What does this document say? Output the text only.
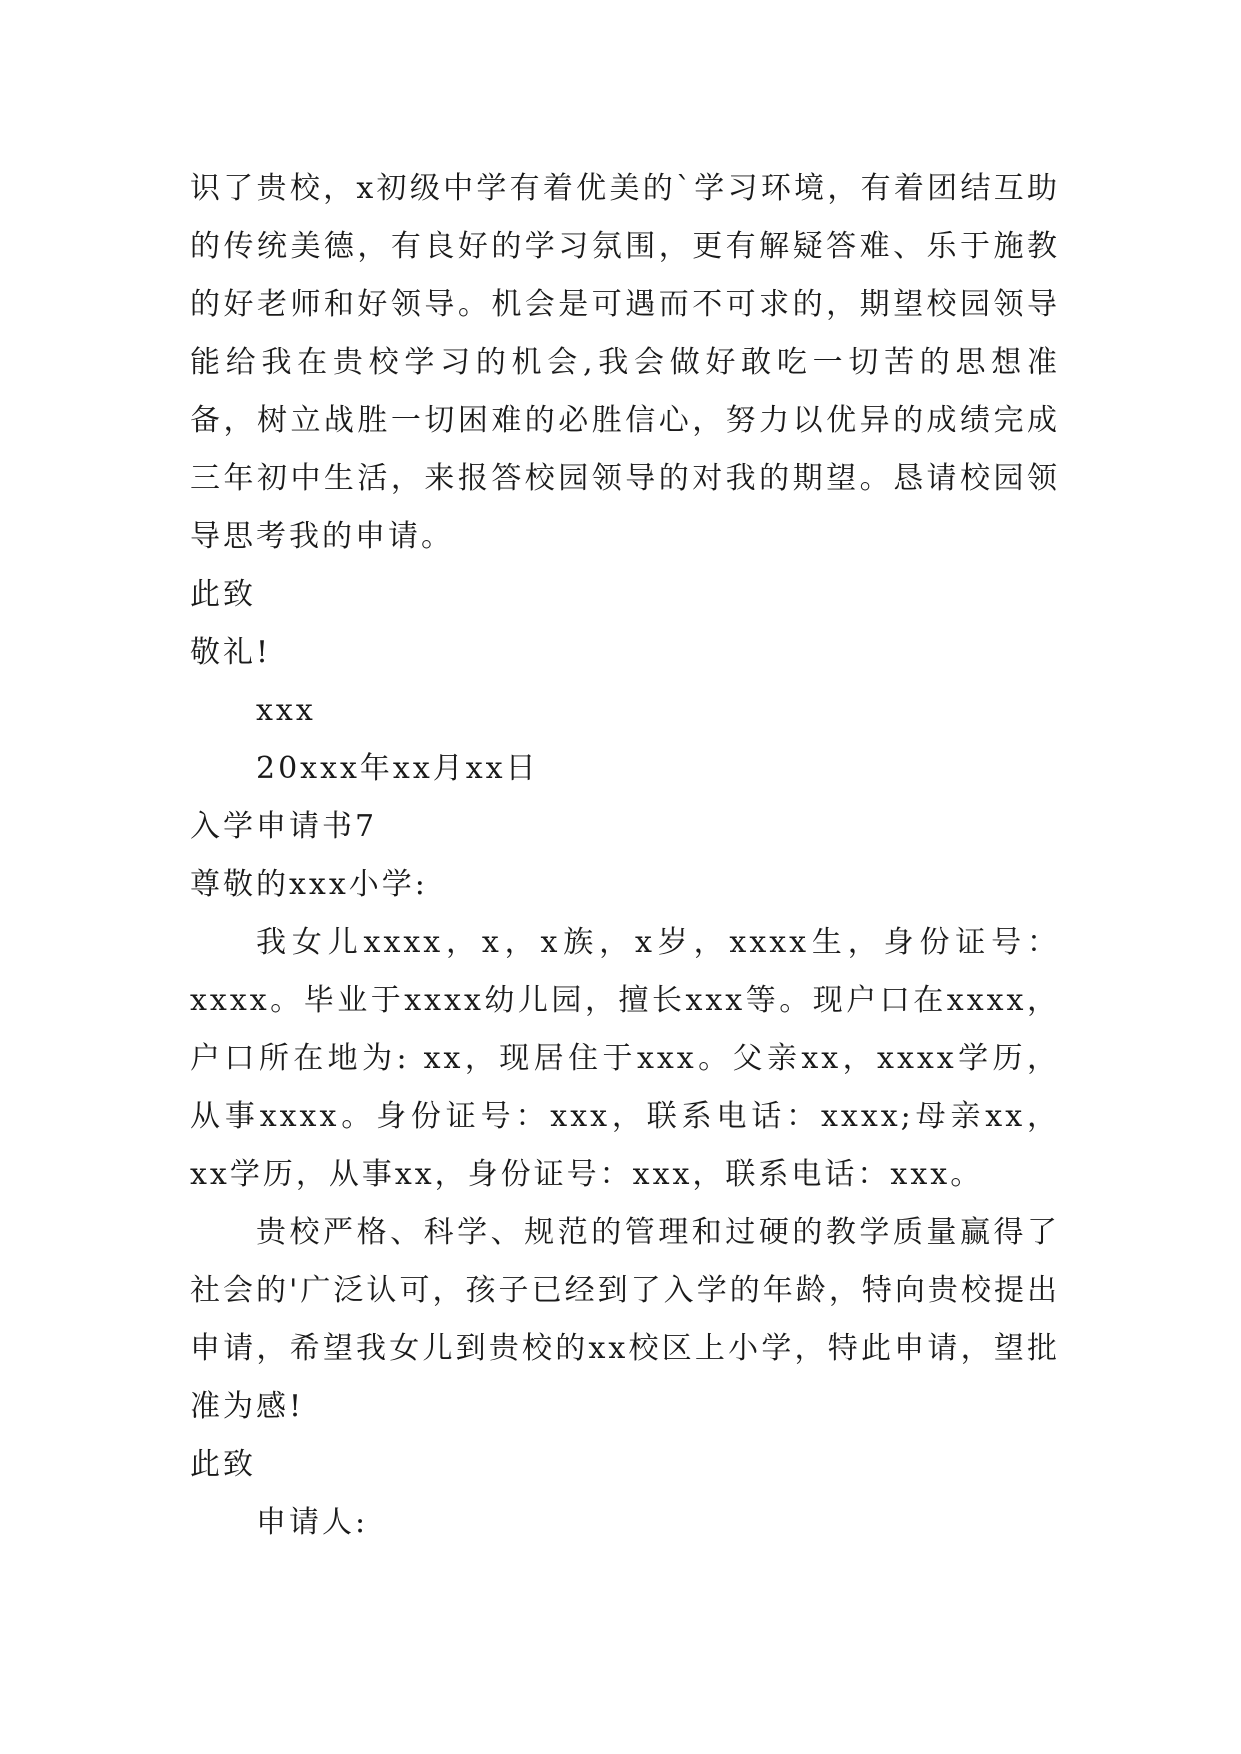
识了贵校，x初级中学有着优美的`学习环境，有着团结互助的传统美德，有良好的学习氛围，更有解疑答难、乐于施教的好老师和好领导。机会是可遇而不可求的，期望校园领导能给我在贵校学习的机会,我会做好敢吃一切苦的思想准备，树立战胜一切困难的必胜信心，努力以优异的成绩完成三年初中生活，来报答校园领导的对我的期望。恳请校园领导思考我的申请。

此致

敬礼!

xxx

20xxx年xx月xx日

入学申请书7

尊敬的xxx小学:

我女儿xxxx，x，x族，x岁，xxxx生，身份证号：xxxx。毕业于xxxx幼儿园，擅长xxx等。现户口在xxxx，户口所在地为: xx，现居住于xxx。父亲xx，xxxx学历，从事xxxx。身份证号：xxx，联系电话：xxxx;母亲xx，xx学历，从事xx，身份证号：xxx，联系电话：xxx。

贵校严格、科学、规范的管理和过硬的教学质量赢得了社会的'广泛认可，孩子已经到了入学的年龄，特向贵校提出申请，希望我女儿到贵校的xx校区上小学，特此申请，望批准为感!

此致

申请人:
